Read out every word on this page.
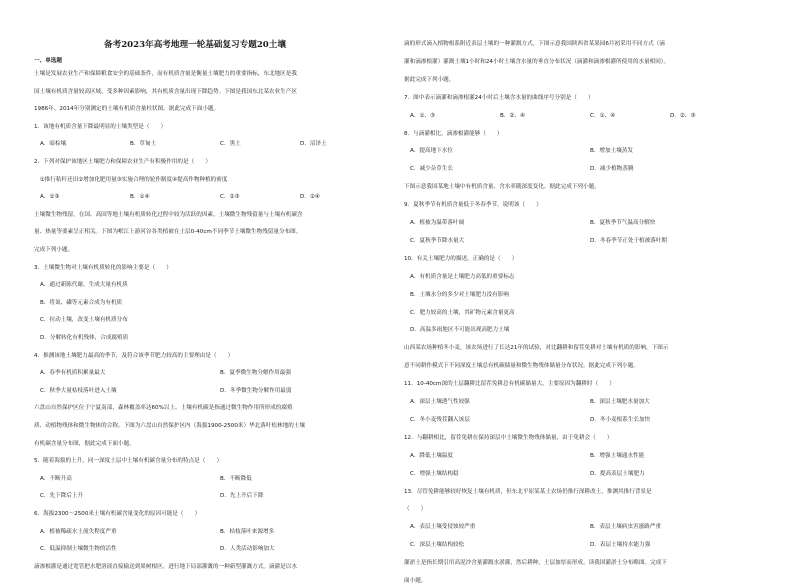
备考2023年高考地理一轮基础复习专题20土壤
一、单选题
土壤是发展农业生产和保障粮食安全的基础条件，而有机质含量是衡量土壤肥力的重要指标，东北地区是我
国土壤有机质含量较高区域，受多种因素影响，其有机质含量出现下降趋势。下图是我国东北某农业生产区
1986年、2014年分别测定的土壤有机质含量柱状图。据此完成下面小题。
1．该地有机质含量下降最明显的土壤类型是（　　）
A．暗棕壤	B．草甸土	C．黑土	D．沼泽土
2．下列对保护该地区土壤肥力和保障农业生产有积极作用的是（　　）
　①推行秸秆还田②增加化肥用量③实施合理的轮作制度④提高作物种植的密度
A．①③	B．①④	C．②③	D．②④
土壤微生物残留，在国、高国等地土壤有机质转化过程中较为活跃的因素，土壤微生物残留量与土壤有机碳含
量、热量等要素呈正相关。下图为岷江上游河谷各类植被在土层0-40cm不同季节土壤微生物残留量分布图。
完成下列小题。
3．土壤微生物对土壤有机质转化的影响主要是（　　）
A．通过新陈代谢，生成大量有机质
B．将氮、磷等元素合成为有机质
C．拉动土壤，改变土壤有机质分布
D．分解转化有机残体，合成腐殖质
4．推测该地土壤肥力最高的季节，及符合该季节肥力较高的主要理由是（　　）
A．春季有机质积累量最大	B．夏季微生物分解作用最强
C．秋季大量枯枝落叶进入土壤	D．冬季微生物分解作用最弱
六盘山自然保护区位于宁夏南部，森林覆盖率达60%以上。土壤有机碳是指通过微生物作用所形成的腐殖
质、动植物残体和微生物体的合称。下图为六盘山自然保护区内（海拔1900-2500米）华北落叶松林地的土壤
有机碳含量分布图，据此完成下面小题。
5．随着海拔的上升，同一深度土层中土壤有机碳含量分布的特点是（　　）
A．不断升高	B．不断降低
C．先下降后上升	D．先上升后下降
6．海拔2300～2500米土壤有机碳含量变化的原因可能是（　　）
A．植被稀疏水土流失程度严重	B．枯枝落叶来源增多
C．低温抑制土壤微生物的活性	D．人类活动影响加大
滴渗根灌是通过宽管把水肥溶液直接输送到果树根区，进行地下局部灌溉的一种新型灌溉方式。滴灌是以水
滴的形式滴入植物根系附近表层土壤的一种灌溉方式。下图示意我国陕西省某果园6月初采用不同方式（滴
灌和滴渗根灌）灌溉土壤1小时和24小时土壤含水量的垂直分布状况（滴灌和滴渗根灌所使用的水量相同）。
据此完成下列小题。
7．图中表示滴灌和滴渗根灌24小时后土壤含水量的曲线序号分别是（　　）
A．①、③	B．②、④	C．①、④	D．②、③
8．与滴灌相比，滴渗根灌能够（　　）
A．提高地下水位	B．增加土壤蒸发
C．减少杂草生长	D．减少植物蒸腾
下图示意我国某地土壤中有机质含量、含水率随深度变化。据此完成下列小题。
9．夏秋季节有机质含量低于冬春季节，说明该（　　）
A．植被为温带落叶阔	B．夏秋季节气温高分解快
C．夏秋季节降水量大	D．冬春季节正处于植被落叶期
10．有关土壤肥力的描述，正确的是（　　）
A．有机质含量是土壤肥力高低的重要标志
B．土壤水分的多少对土壤肥力没有影响
C．肥力较高的土壤，其矿物元素含量更高
D．高温多雨地区不可能出现高肥力土壤
山西某农场种植冬小麦，该农场进行了长达21年的试验，对比翻耕和留茬免耕对土壤有机质的影响。下图示
意不同耕作模式下不同深度土壤总有机碳储量和微生物残体储量分布状况。据此完成下列小题。
11．10-40cm深的土层翻耕比留茬免耕总有机碳储量大，主要原因为翻耕时（　　）
A．深层土壤透气性较强	B．深层土壤肥水量加大
C．冬小麦残茬翻入该层	D．冬小麦根系生长加快
12．与翻耕相比，留茬免耕在保持深层中土壤微生物残体储量，由于免耕会（　　）
A．降低土壤温度	B．增强土壤通水性能
C．增强土壤结构稳	D．提高表层土壤肥力
13．尽管免耕能够较好恢复土壤有机质，但东北平原某某土农场仍推行深耕改土，推测其推行背景是
（　　）
A．表层土壤受侵蚀较严重	B．表层土壤病虫害滋路严重
C．深层土壤结构较松	D．表层土壤持水能力强
灌淤土是指长期引用高泥沙含量灌溉水淤灌，然后耕种，土层加厚而形成。读我国灌淤土分布略图。完成下
面小题。
